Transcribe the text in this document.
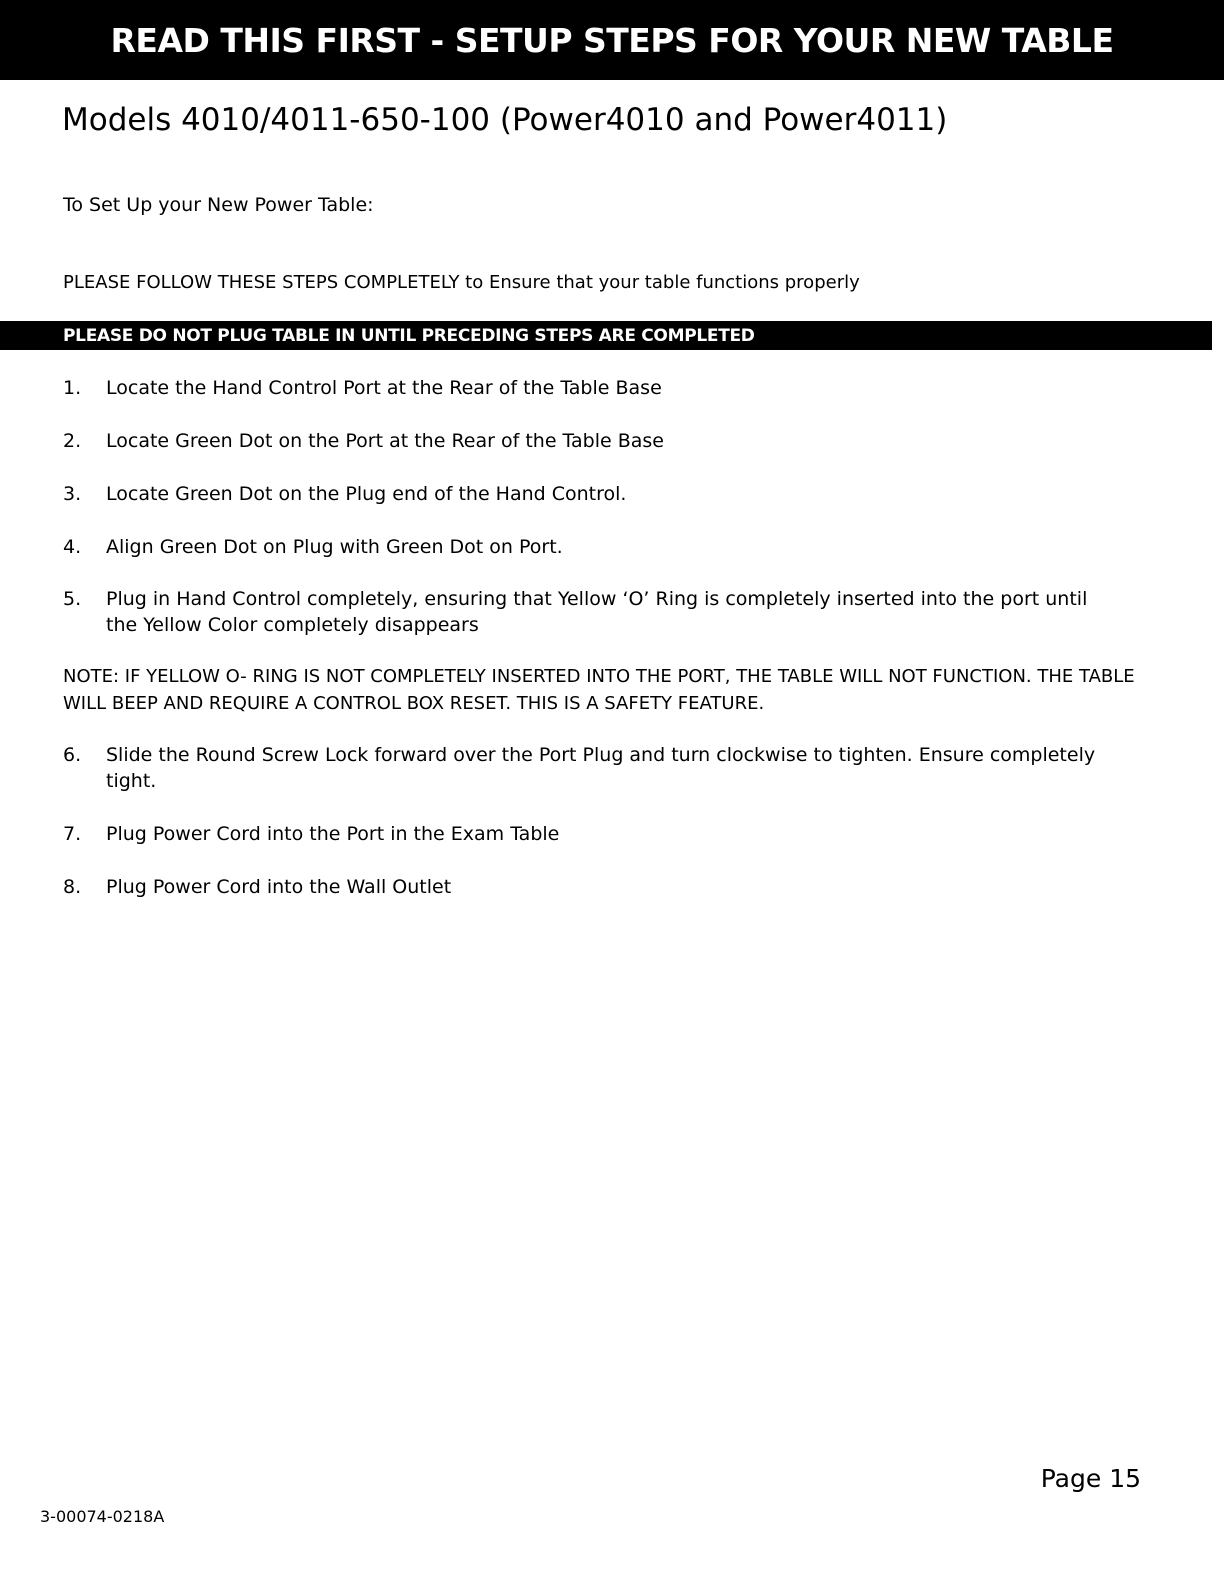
READ THIS FIRST - SETUP STEPS FOR YOUR NEW TABLE
Models 4010/4011-650-100 (Power4010 and Power4011)

To Set Up your New Power Table:

PLEASE FOLLOW THESE STEPS COMPLETELY to Ensure that your table functions properly

PLEASE DO NOT PLUG TABLE IN UNTIL PRECEDING STEPS ARE COMPLETED
1.	Locate the Hand Control Port at the Rear of the Table Base
2.	Locate Green Dot on the Port at the Rear of the Table Base
3.	Locate Green Dot on the Plug end of the Hand Control.
4.	Align Green Dot on Plug with Green Dot on Port.
5.	Plug in Hand Control completely, ensuring that Yellow ‘O’ Ring is completely inserted into the port until the Yellow Color completely disappears

NOTE: IF YELLOW O- RING IS NOT COMPLETELY INSERTED INTO THE PORT, THE TABLE WILL NOT FUNCTION. THE TABLE WILL BEEP AND REQUIRE A CONTROL BOX RESET. THIS IS A SAFETY FEATURE.

6.	Slide the Round Screw Lock forward over the Port Plug and turn clockwise to tighten. Ensure completely tight.
7.	Plug Power Cord into the Port in the Exam Table
8.	Plug Power Cord into the Wall Outlet

Page 15

3-00074-0218A
